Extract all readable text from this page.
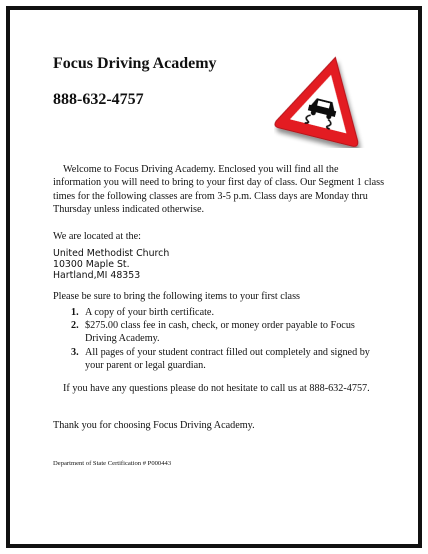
Focus Driving Academy
888-632-4757

Welcome to Focus Driving Academy. Enclosed you will find all the information you will need to bring to your first day of class. Our Segment 1 class times for the following classes are from 3-5 p.m. Class days are Monday thru Thursday unless indicated otherwise.

We are located at the:

United Methodist Church
10300 Maple St.
Hartland,MI 48353

Please be sure to bring the following items to your first class

1. A copy of your birth certificate.
2. $275.00 class fee in cash, check, or money order payable to Focus Driving Academy.
3. All pages of your student contract filled out completely and signed by your parent or legal guardian.

If you have any questions please do not hesitate to call us at 888-632-4757.

Thank you for choosing Focus Driving Academy.

Department of State Certification # P000443
